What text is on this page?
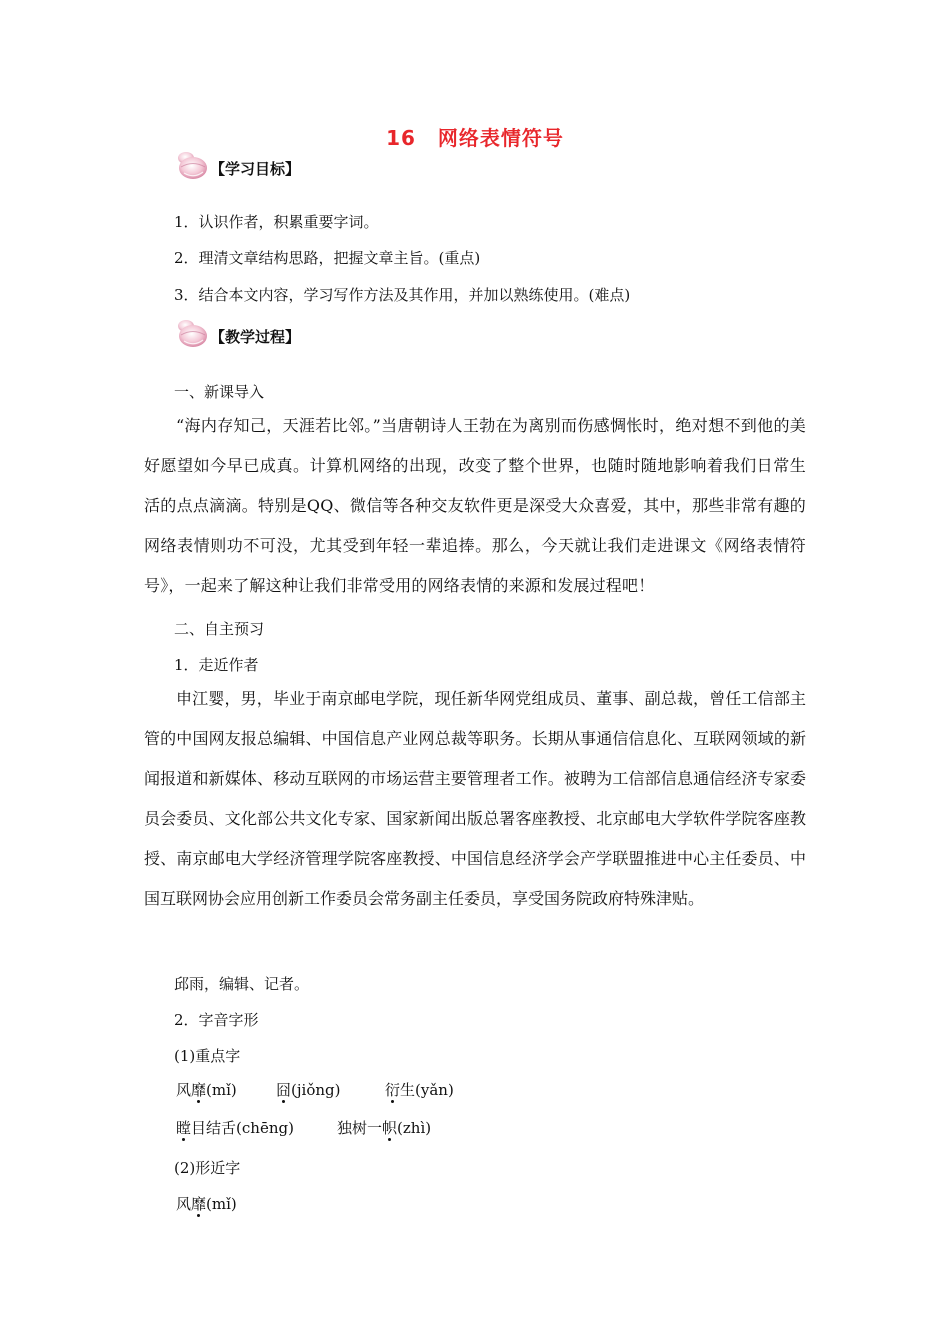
16 网络表情符号
【学习目标】
1．认识作者，积累重要字词。
2．理清文章结构思路，把握文章主旨。(重点)
3．结合本文内容，学习写作方法及其作用，并加以熟练使用。(难点)
【教学过程】
一、新课导入
“海内存知己，天涯若比邻。”当唐朝诗人王勃在为离别而伤感惆怅时，绝对想不到他的美好愿望如今早已成真。计算机网络的出现，改变了整个世界，也随时随地影响着我们日常生活的点点滴滴。特别是QQ、微信等各种交友软件更是深受大众喜爱，其中，那些非常有趣的网络表情则功不可没，尤其受到年轻一辈追捧。那么，今天就让我们走进课文《网络表情符号》，一起来了解这种让我们非常受用的网络表情的来源和发展过程吧！
二、自主预习
1．走近作者
申江婴，男，毕业于南京邮电学院，现任新华网党组成员、董事、副总裁，曾任工信部主管的中国网友报总编辑、中国信息产业网总裁等职务。长期从事通信信息化、互联网领域的新闻报道和新媒体、移动互联网的市场运营主要管理者工作。被聘为工信部信息通信经济专家委员会委员、文化部公共文化专家、国家新闻出版总署客座教授、北京邮电大学软件学院客座教授、南京邮电大学经济管理学院客座教授、中国信息经济学会产学联盟推进中心主任委员、中国互联网协会应用创新工作委员会常务副主任委员，享受国务院政府特殊津贴。
邱雨，编辑、记者。
2．字音字形
(1)重点字
风靡(mǐ)	囧(jiǒng)	衍生(yǎn)
瞠目结舌(chēng)	独树一帜(zhì)
(2)形近字
风靡(mǐ)
